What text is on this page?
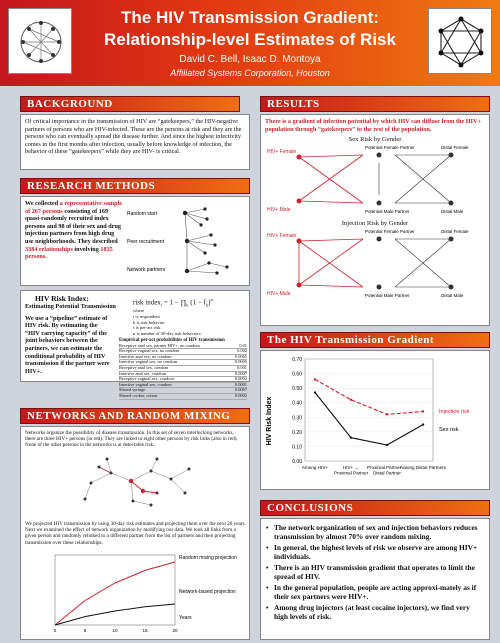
The HIV Transmission Gradient:
Relationship-level Estimates of Risk
David C. Bell, Isaac D. Montoya
Affiliated Systems Corporation, Houston
BACKGROUND
Of critical importance in the transmission of HIV are “gatekeepers,” the HIV-negative partners of persons who are HIV-infected. These are the persons at risk and they are the persons who can eventually spread the disease further. And since the highest infectivity comes in the first months after infection, usually before knowledge of infection, the behavior of these “gatekeepers” while they are HIV- is critical.
RESEARCH METHODS
We collected a representative sample of 267 persons consisting of 169 quasi-randomly recruited index persons and 98 of their sex and drug injection partners from high drug use neighborhoods. They described 3384 relationships involving 1835 persons.
Random start
Peer recruitment
Network partners
HIV Risk Index:
Estimating Potential Transmission
We use a “pipeline” estimate of HIV risk. By estimating the “HIV carrying capacity” of the joint behaviors between the partners, we can estimate the conditional probability of HIV transmission if the partner were HIV+.
risk index$_i$ = $1 - \prod_h$ $(1 - f_h)^n$
where
i is respondent
h is risk behavior
f is per-act risk
n is number of 30-day risk behaviors
Empirical per-act probabilities of HIV transmission
Receptive anal sex, partner HIV+, no condom	0.01
Receptive vaginal sex, no condom	0.002
Insertive anal sex, no condom	0.0065
Insertive vaginal sex, no condom	0.0005
Receptive anal sex, condom	0.001
Insertive anal sex, condom	0.0007
Receptive vaginal sex, condom	0.0002
Insertive vaginal sex, condom	0.0001
Shared syringe	0.0067
Shared cooker, cotton	0.0002
NETWORKS AND RANDOM MIXING
Networks organize the possibility of disease transmission. In this set of seven interlocking networks, there are three HIV+ persons (in red). They are linked to eight other persons by risk links (also in red). None of the other persons in the networks is at detectable risk.
We projected HIV transmission by using 30-day risk estimates and projecting them over the next 20 years. Next we examined the effect of network organization by modifying our data. We took all links from a given person and randomly relinked to a different partner from the list of partners and then projecting transmission over these relationships.
0	5	10	15	20
Random mixing projection
Network-based projection
Years
RESULTS
There is a gradient of infection potential by which HIV can diffuse from the HIV+ population through “gatekeepers” to the rest of the population.
Sex Risk by Gender
HIV+ Female
HIV+ Male
Potential Female Partner
Potential Male Partner
Distal Female
Distal Male
Injection Risk by Gender
HIV+ Female
HIV+ Male
Potential Female Partner
Potential Male Partner
Distal Female
Distal Male
The HIV Transmission Gradient
HIV Risk Index
0.00
0.10
0.20
0.30
0.40
0.50
0.60
0.70
Among HIV+	HIV+ → Proximal Partner
Proximal Partner → Distal Partner
Among Distal Partners
Injection risk
Sex risk
CONCLUSIONS
• The network organization of sex and injection behaviors reduces transmission by almost 70% over random mixing.
• In general, the highest levels of risk we observe are among HIV+ individuals.
• There is an HIV transmission gradient that operates to limit the spread of HIV.
• In the general population, people are acting approxi-mately as if their sex partners were HIV+.
• Among drug injectors (at least cocaine injectors), we find very high levels of risk.
